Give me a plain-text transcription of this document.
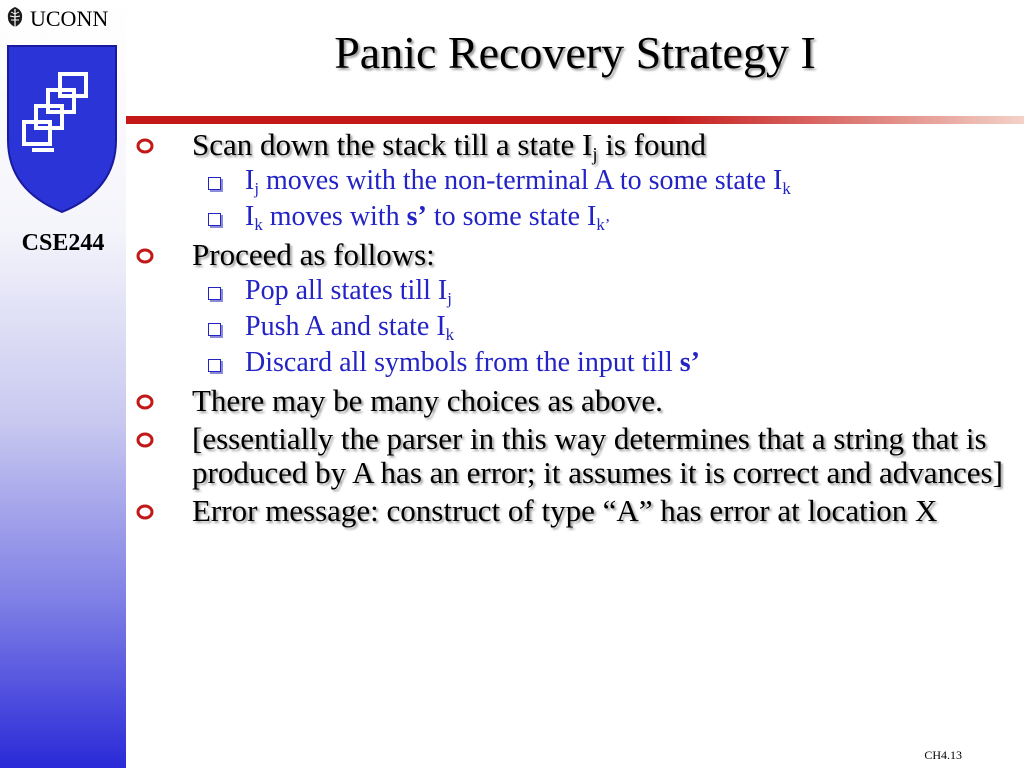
UCONN
Computer Science and Engineering
CSE244
Panic Recovery Strategy I
Scan down the stack till a state $I_j$ is found
$I_j$ moves with the non-terminal A to some state $I_k$
$I_k$ moves with s’ to some state $I_{k’}$
Proceed as follows:
Pop all states till $I_j$
Push A and state $I_k$
Discard all symbols from the input till s’
There may be many choices as above.
[essentially the parser in this way determines that a string that is produced by A has an error; it assumes it is correct and advances]
Error message: construct of type “A” has error at location X
CH4.13
